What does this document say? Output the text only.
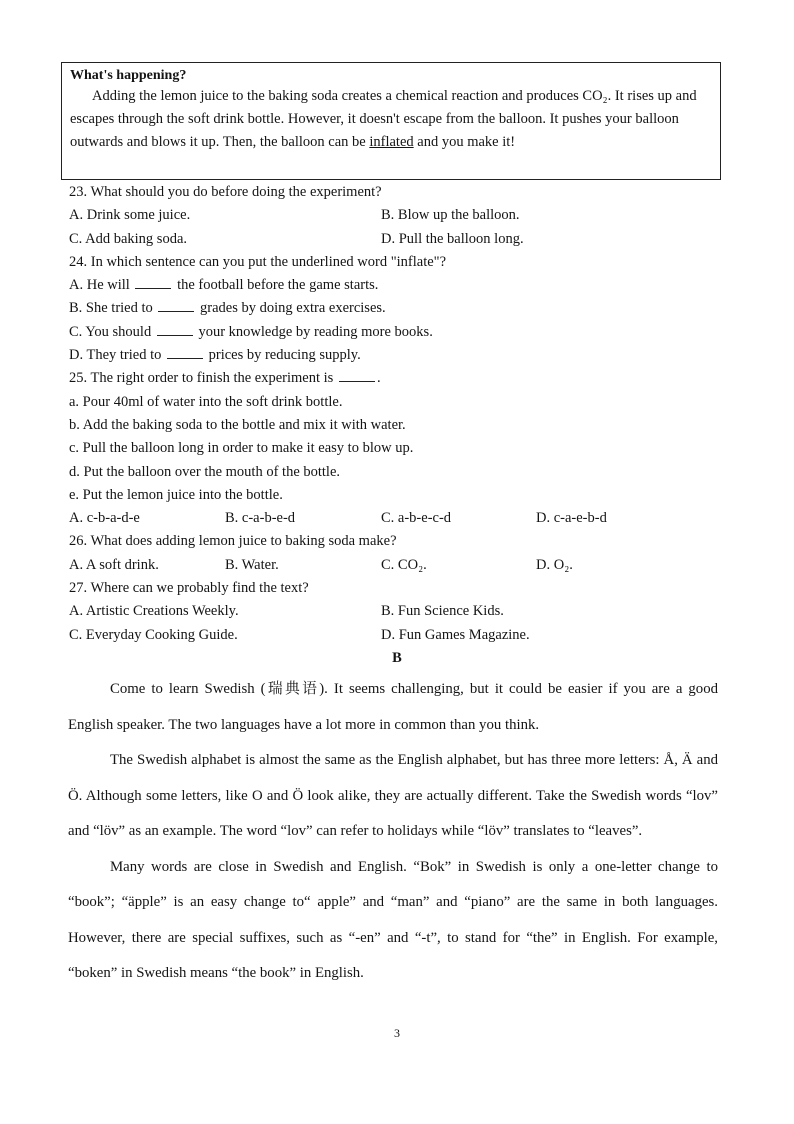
What's happening?

Adding the lemon juice to the baking soda creates a chemical reaction and produces CO₂. It rises up and escapes through the soft drink bottle. However, it doesn't escape from the balloon. It pushes your balloon outwards and blows it up. Then, the balloon can be inflated and you make it!

23. What should you do before doing the experiment?
A. Drink some juice.	B. Blow up the balloon.
C. Add baking soda.	D. Pull the balloon long.
24. In which sentence can you put the underlined word "inflate"?
A. He will	the football before the game starts.
B. She tried to	grades by doing extra exercises.
C. You should	your knowledge by reading more books.
D. They tried to	prices by reducing supply.
25. The right order to finish the experiment is	.
a. Pour 40ml of water into the soft drink bottle.
b. Add the baking soda to the bottle and mix it with water.
c. Pull the balloon long in order to make it easy to blow up.
d. Put the balloon over the mouth of the bottle.
e. Put the lemon juice into the bottle.
A. c-b-a-d-e	B. c-a-b-e-d	C. a-b-e-c-d	D. c-a-e-b-d
26. What does adding lemon juice to baking soda make?
A. A soft drink.	B. Water.	C. CO₂.	D. O₂.
27. Where can we probably find the text?
A. Artistic Creations Weekly.	B. Fun Science Kids.
C. Everyday Cooking Guide.	D. Fun Games Magazine.
B

Come to learn Swedish (瑞典语). It seems challenging, but it could be easier if you are a good English speaker. The two languages have a lot more in common than you think.

The Swedish alphabet is almost the same as the English alphabet, but has three more letters: Å, Ä and Ö. Although some letters, like O and Ö look alike, they are actually different. Take the Swedish words “lov” and “löv” as an example. The word “lov” can refer to holidays while “löv” translates to “leaves”.

Many words are close in Swedish and English. “Bok” in Swedish is only a one-letter change to “book”; “äpple” is an easy change to“ apple” and “man” and “piano” are the same in both languages. However, there are special suffixes, such as “-en” and “-t”, to stand for “the” in English. For example, “boken” in Swedish means “the book” in English.

3
